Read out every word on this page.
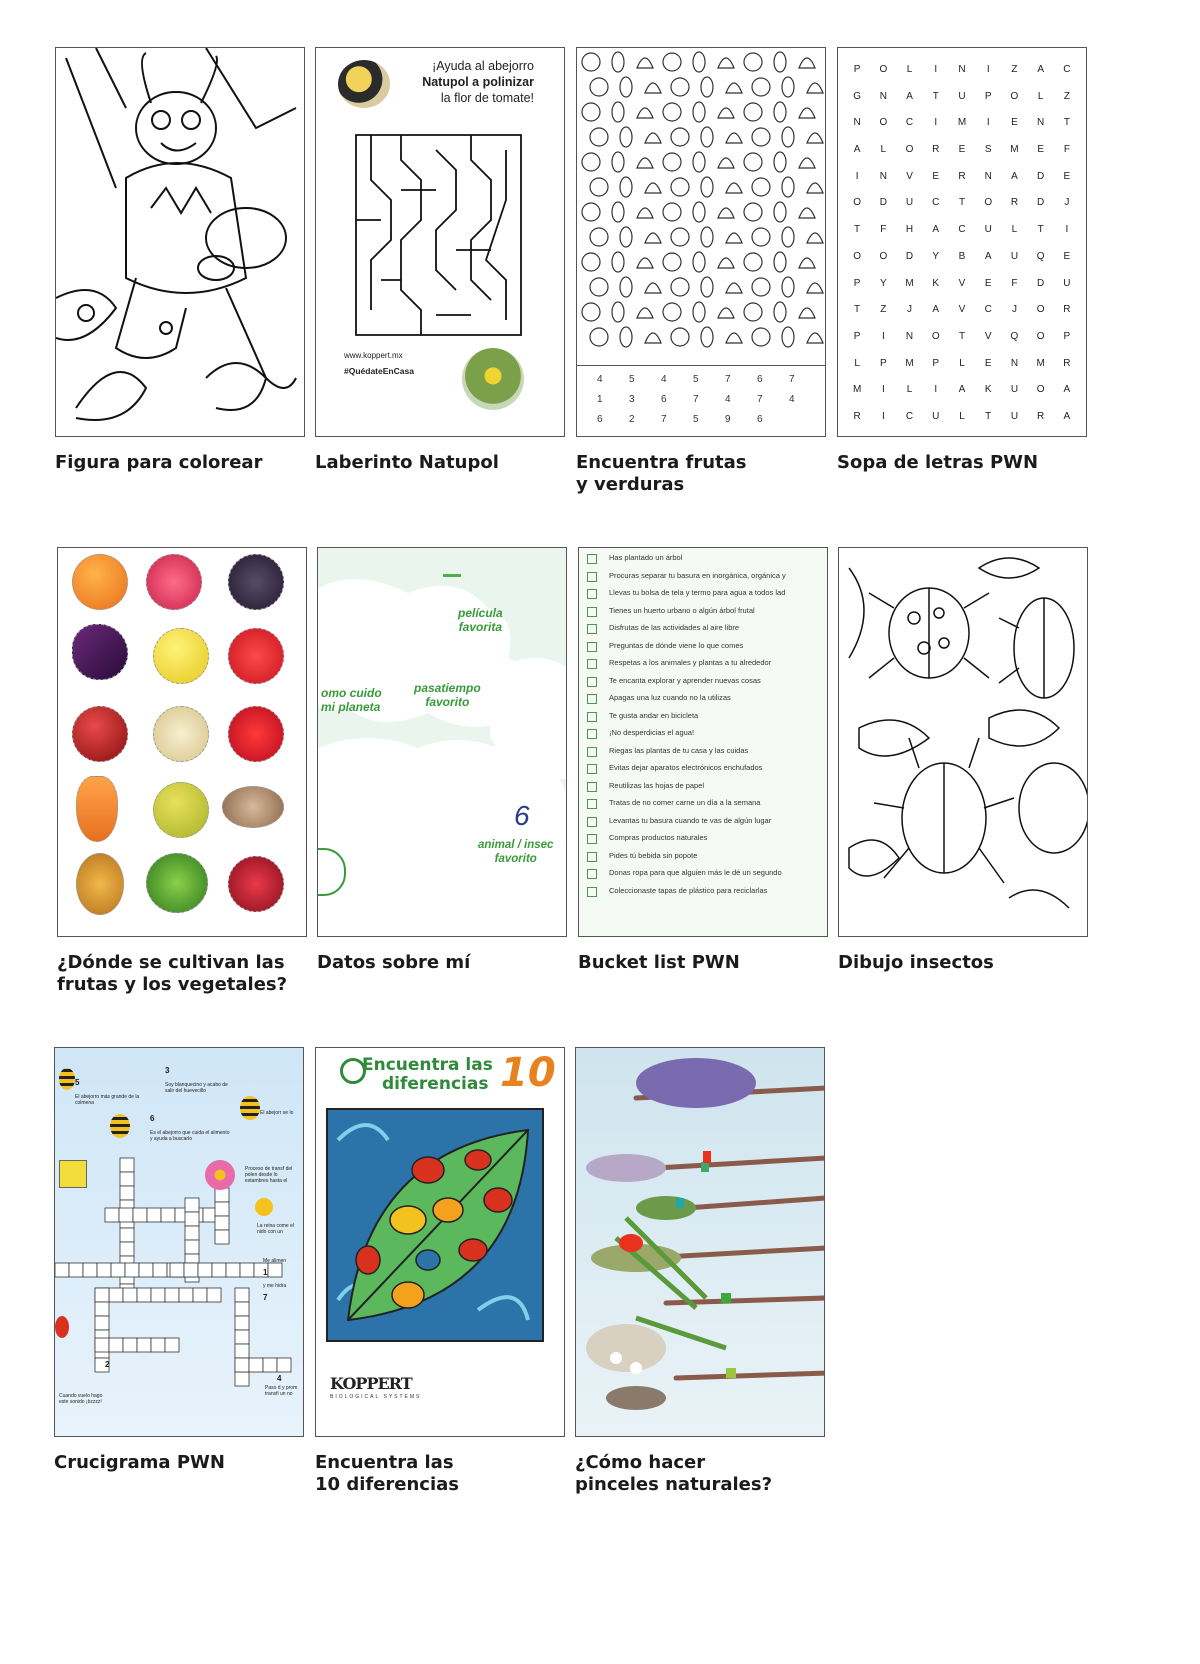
Figura para colorear
¡Ayuda al abejorro
Natupol a polinizar
la flor de tomate!
www.koppert.mx
#QuédateEnCasa
Laberinto Natupol
4	5	4	5	7	6	7
1	3	6	7	4	7	4
6	2	7	5	9	6
Encuentra frutas
y verduras
P	O	L	I	N	I	Z	A	C
G	N	A	T	U	P	O	L	Z
N	O	C	I	M	I	E	N	T
A	L	O	R	E	S	M	E	F
I	N	V	E	R	N	A	D	E
O	D	U	C	T	O	R	D	J
T	F	H	A	C	U	L	T	I
O	O	D	Y	B	A	U	Q	E
P	Y	M	K	V	E	F	D	U
T	Z	J	A	V	C	J	O	R
P	I	N	O	T	V	Q	O	P
L	P	M	P	L	E	N	M	R
M	I	L	I	A	K	U	O	A
R	I	C	U	L	T	U	R	A
Sopa de letras PWN
¿Dónde se cultivan las
frutas y los vegetales?
película
favorita
pasatiempo
favorito
omo cuido
mi planeta
animal / insec
favorito
6
Datos sobre mí
Has plantado un árbol
Procuras separar tu basura en inorgánica, orgánica y
Llevas tu bolsa de tela y termo para agua a todos lad
Tienes un huerto urbano o algún árbol frutal
Disfrutas de las actividades al aire libre
Preguntas de dónde viene lo que comes
Respetas a los animales y plantas a tu alrededor
Te encanta explorar y aprender nuevas cosas
Apagas una luz cuando no la utilizas
Te gusta andar en bicicleta
¡No desperdicias el agua!
Riegas las plantas de tu casa y las cuidas
Evitas dejar aparatos electrónicos enchufados
Reutilizas las hojas de papel
Tratas de no comer carne un día a la semana
Levantas tu basura cuando te vas de algún lugar
Compras productos naturales
Pides tú bebida sin popote
Donas ropa para que alguien más le dé un segundo
Coleccionaste tapas de plástico para reciclarlas
Bucket list PWN	Dibujo insectos
5
El abejorro más grande de la colmena
3
Soy blanquecino y acabo de salir del huevecillo
6
Es el abejorro que cuida el alimento y ayuda a buscarlo
El abejorr se lo
Proceso de transf del polen desde lo estambres hasta el
La reina come el nido con un
Me alimen
y me hidra
Paso d y prom transfi un no
Cuando vuelo hago este sonido ¡bzzzz!
2
1
7
4
Crucigrama PWN
Encuentra las
diferencias 10
KOPPERT
BIOLOGICAL SYSTEMS
Encuentra las
10 diferencias
¿Cómo hacer
pinceles naturales?
